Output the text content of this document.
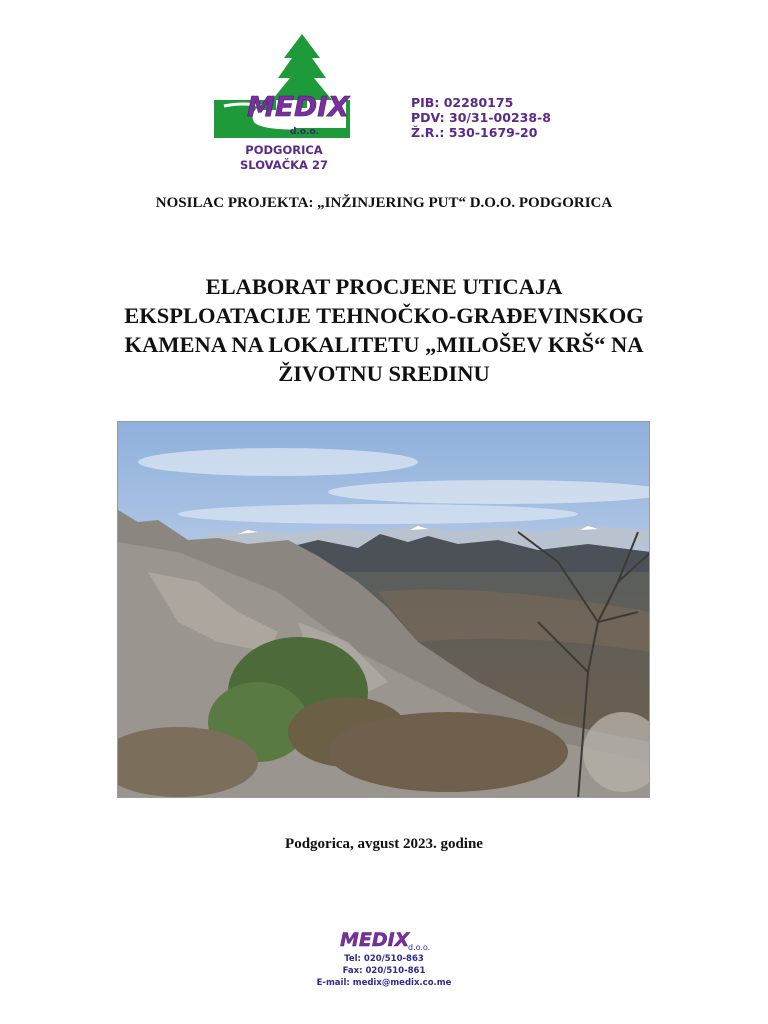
MEDIX
d.o.o.
PODGORICA
SLOVAČKA 27
PIB: 02280175
PDV: 30/31-00238-8
Ž.R.: 530-1679-20
NOSILAC PROJEKTA: „INŽINJERING PUT“ D.O.O. PODGORICA
ELABORAT PROCJENE UTICAJA
EKSPLOATACIJE TEHNOČKO-GRAĐEVINSKOG
KAMENA NA LOKALITETU „MILOŠEV KRŠ“ NA
ŽIVOTNU SREDINU
Podgorica, avgust 2023. godine
MEDIX
d.o.o.
Tel: 020/510-863
Fax: 020/510-861
E-mail: medix@medix.co.me
